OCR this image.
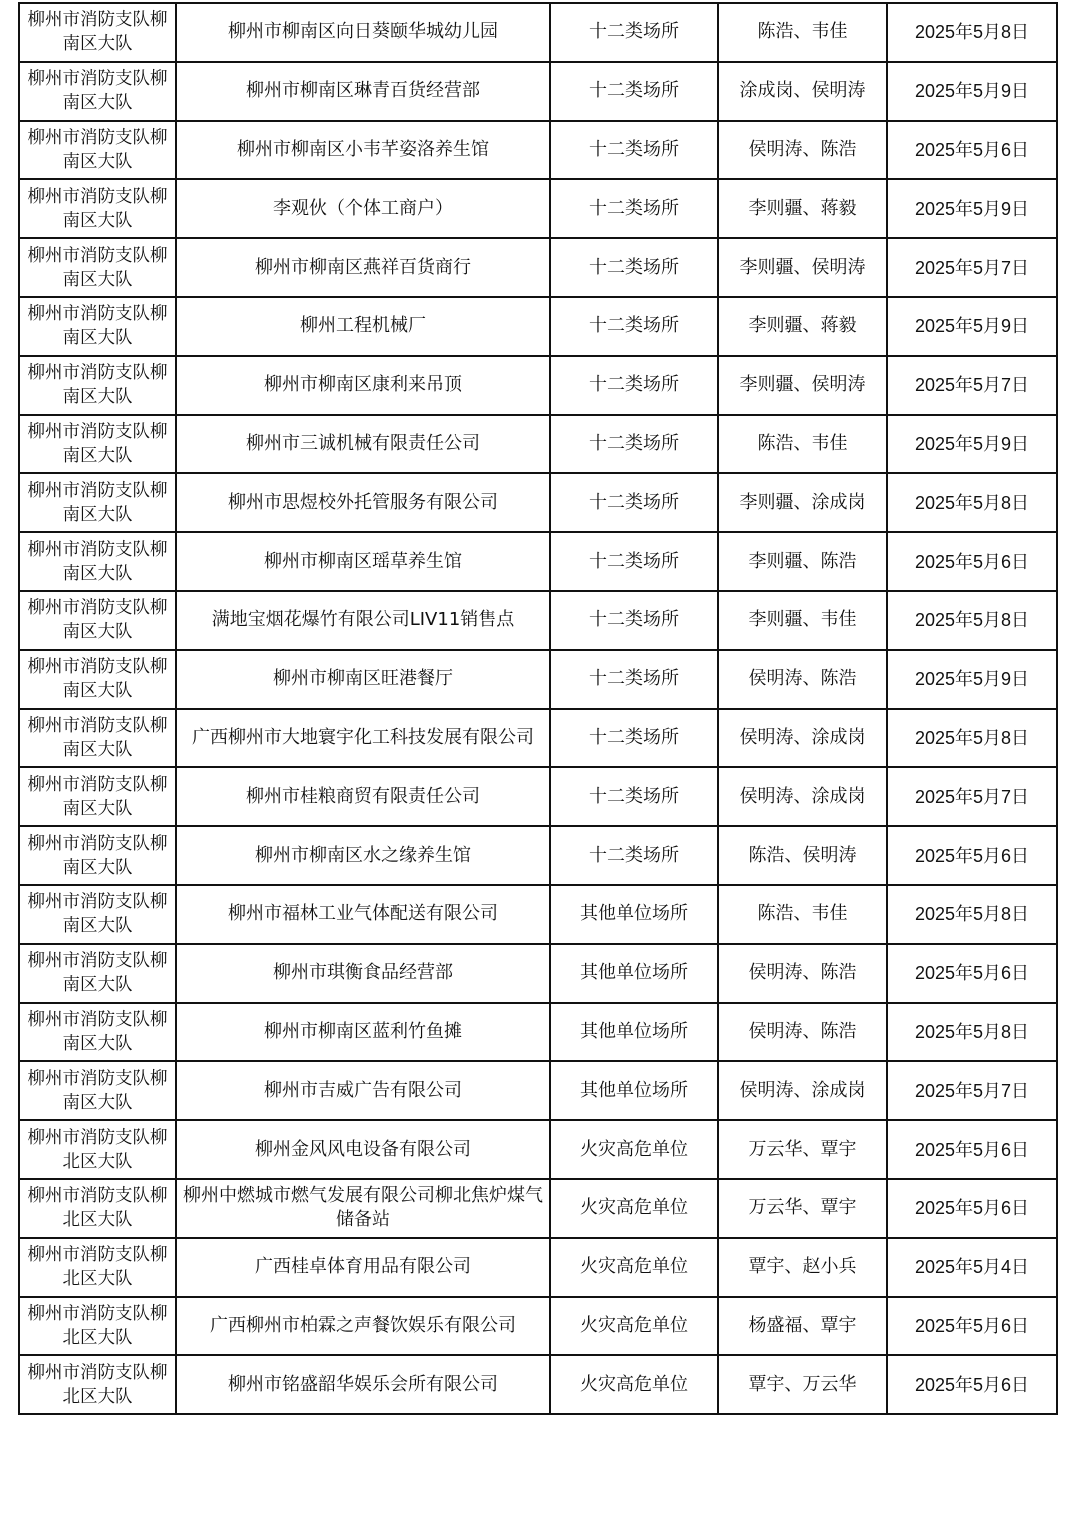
柳州市消防支队柳南区大队	柳州市柳南区向日葵颐华城幼儿园	十二类场所	陈浩、韦佳	2025年5月8日
柳州市消防支队柳南区大队	柳州市柳南区琳青百货经营部	十二类场所	涂成岗、侯明涛	2025年5月9日
柳州市消防支队柳南区大队	柳州市柳南区小韦芊姿洛养生馆	十二类场所	侯明涛、陈浩	2025年5月6日
柳州市消防支队柳南区大队	李观伙（个体工商户）	十二类场所	李则疆、蒋毅	2025年5月9日
柳州市消防支队柳南区大队	柳州市柳南区燕祥百货商行	十二类场所	李则疆、侯明涛	2025年5月7日
柳州市消防支队柳南区大队	柳州工程机械厂	十二类场所	李则疆、蒋毅	2025年5月9日
柳州市消防支队柳南区大队	柳州市柳南区康利来吊顶	十二类场所	李则疆、侯明涛	2025年5月7日
柳州市消防支队柳南区大队	柳州市三诚机械有限责任公司	十二类场所	陈浩、韦佳	2025年5月9日
柳州市消防支队柳南区大队	柳州市思煜校外托管服务有限公司	十二类场所	李则疆、涂成岗	2025年5月8日
柳州市消防支队柳南区大队	柳州市柳南区瑶草养生馆	十二类场所	李则疆、陈浩	2025年5月6日
柳州市消防支队柳南区大队	满地宝烟花爆竹有限公司LIV11销售点	十二类场所	李则疆、韦佳	2025年5月8日
柳州市消防支队柳南区大队	柳州市柳南区旺港餐厅	十二类场所	侯明涛、陈浩	2025年5月9日
柳州市消防支队柳南区大队	广西柳州市大地寰宇化工科技发展有限公司	十二类场所	侯明涛、涂成岗	2025年5月8日
柳州市消防支队柳南区大队	柳州市桂粮商贸有限责任公司	十二类场所	侯明涛、涂成岗	2025年5月7日
柳州市消防支队柳南区大队	柳州市柳南区水之缘养生馆	十二类场所	陈浩、侯明涛	2025年5月6日
柳州市消防支队柳南区大队	柳州市福林工业气体配送有限公司	其他单位场所	陈浩、韦佳	2025年5月8日
柳州市消防支队柳南区大队	柳州市琪衡食品经营部	其他单位场所	侯明涛、陈浩	2025年5月6日
柳州市消防支队柳南区大队	柳州市柳南区蓝利竹鱼摊	其他单位场所	侯明涛、陈浩	2025年5月8日
柳州市消防支队柳南区大队	柳州市吉威广告有限公司	其他单位场所	侯明涛、涂成岗	2025年5月7日
柳州市消防支队柳北区大队	柳州金风风电设备有限公司	火灾高危单位	万云华、覃宇	2025年5月6日
柳州市消防支队柳北区大队	柳州中燃城市燃气发展有限公司柳北焦炉煤气储备站	火灾高危单位	万云华、覃宇	2025年5月6日
柳州市消防支队柳北区大队	广西桂卓体育用品有限公司	火灾高危单位	覃宇、赵小兵	2025年5月4日
柳州市消防支队柳北区大队	广西柳州市柏霖之声餐饮娱乐有限公司	火灾高危单位	杨盛福、覃宇	2025年5月6日
柳州市消防支队柳北区大队	柳州市铭盛韶华娱乐会所有限公司	火灾高危单位	覃宇、万云华	2025年5月6日
